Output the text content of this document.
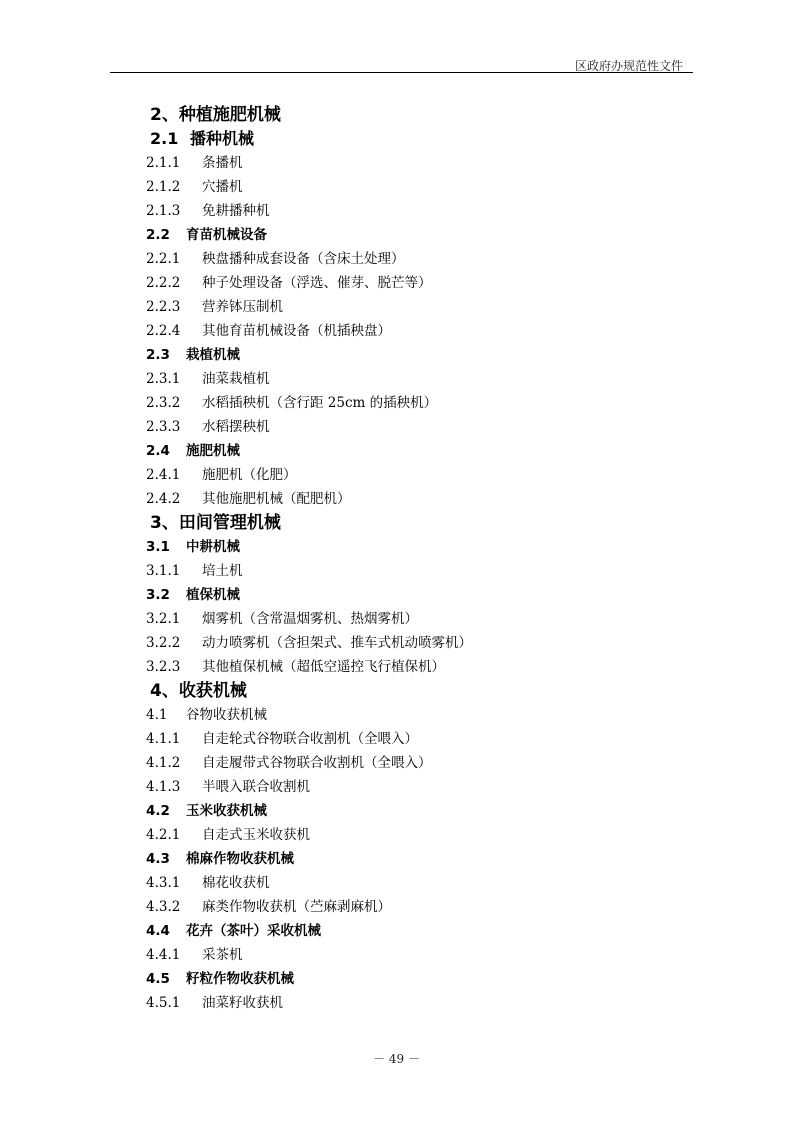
区政府办规范性文件
2、种植施肥机械
2.1 播种机械
2.1.1 条播机
2.1.2 穴播机
2.1.3 免耕播种机
2.2 育苗机械设备
2.2.1 秧盘播种成套设备（含床土处理）
2.2.2 种子处理设备（浮选、催芽、脱芒等）
2.2.3 营养钵压制机
2.2.4 其他育苗机械设备（机插秧盘）
2.3 栽植机械
2.3.1 油菜栽植机
2.3.2 水稻插秧机（含行距 25cm 的插秧机）
2.3.3 水稻摆秧机
2.4 施肥机械
2.4.1 施肥机（化肥）
2.4.2 其他施肥机械（配肥机）
3、田间管理机械
3.1 中耕机械
3.1.1 培土机
3.2 植保机械
3.2.1 烟雾机（含常温烟雾机、热烟雾机）
3.2.2 动力喷雾机（含担架式、推车式机动喷雾机）
3.2.3 其他植保机械（超低空遥控飞行植保机）
4、收获机械
4.1 谷物收获机械
4.1.1 自走轮式谷物联合收割机（全喂入）
4.1.2 自走履带式谷物联合收割机（全喂入）
4.1.3 半喂入联合收割机
4.2 玉米收获机械
4.2.1 自走式玉米收获机
4.3 棉麻作物收获机械
4.3.1 棉花收获机
4.3.2 麻类作物收获机（苎麻剥麻机）
4.4 花卉（茶叶）采收机械
4.4.1 采茶机
4.5 籽粒作物收获机械
4.5.1 油菜籽收获机
－ 49 －
